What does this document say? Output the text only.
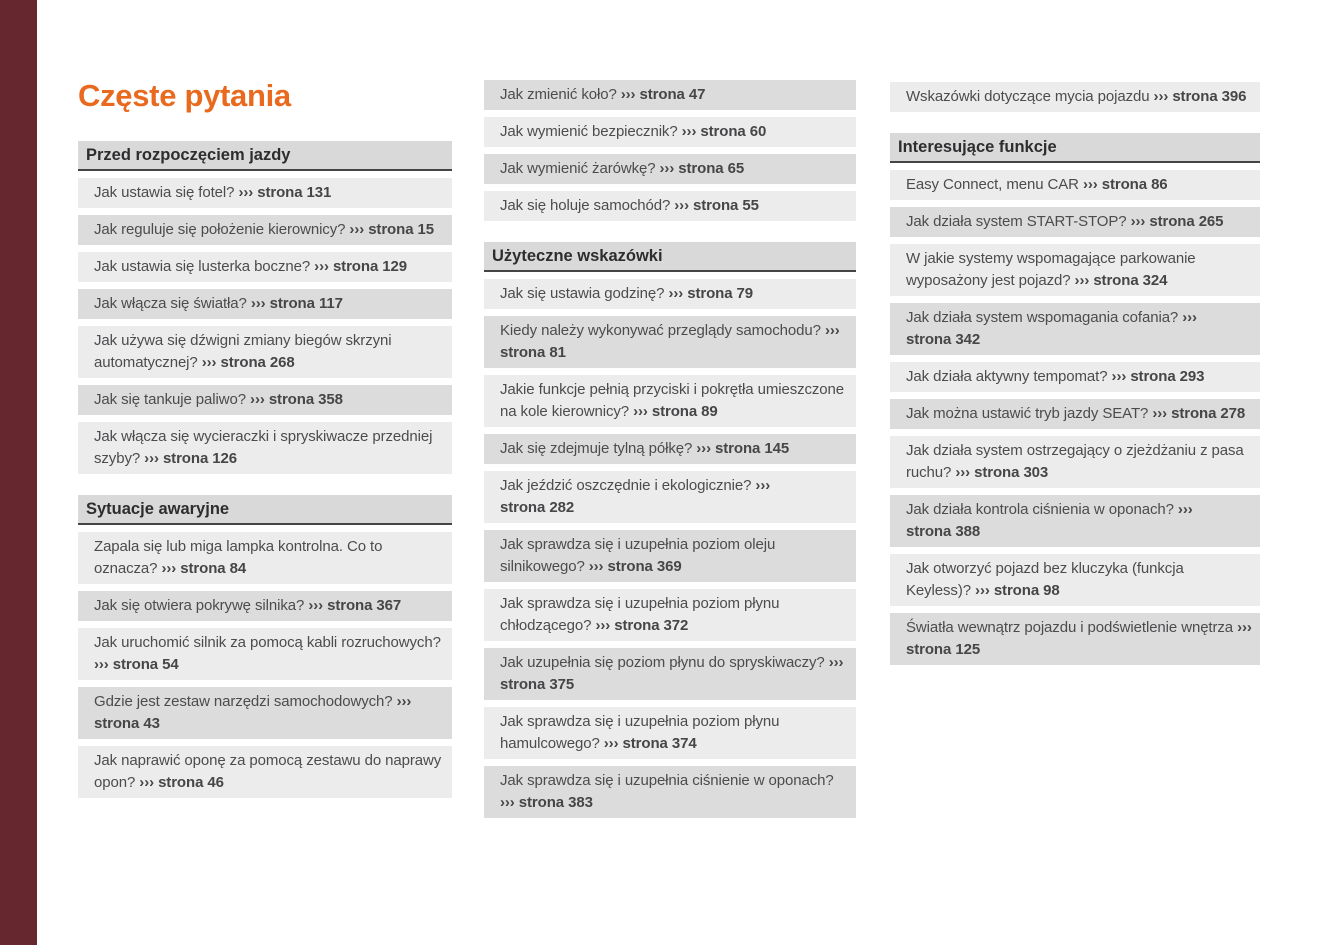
Częste pytania
Przed rozpoczęciem jazdy
Jak ustawia się fotel? ››› strona 131
Jak reguluje się położenie kierownicy? ››› strona 15
Jak ustawia się lusterka boczne? ››› strona 129
Jak włącza się światła? ››› strona 117
Jak używa się dźwigni zmiany biegów skrzyni automatycznej? ››› strona 268
Jak się tankuje paliwo? ››› strona 358
Jak włącza się wycieraczki i spryskiwacze przedniej szyby? ››› strona 126
Sytuacje awaryjne
Zapala się lub miga lampka kontrolna. Co to oznacza? ››› strona 84
Jak się otwiera pokrywę silnika? ››› strona 367
Jak uruchomić silnik za pomocą kabli rozruchowych? ››› strona 54
Gdzie jest zestaw narzędzi samochodowych? ››› strona 43
Jak naprawić oponę za pomocą zestawu do naprawy opon? ››› strona 46
Jak zmienić koło? ››› strona 47
Jak wymienić bezpiecznik? ››› strona 60
Jak wymienić żarówkę? ››› strona 65
Jak się holuje samochód? ››› strona 55
Użyteczne wskazówki
Jak się ustawia godzinę? ››› strona 79
Kiedy należy wykonywać przeglądy samochodu? ››› strona 81
Jakie funkcje pełnią przyciski i pokrętła umieszczone na kole kierownicy? ››› strona 89
Jak się zdejmuje tylną półkę? ››› strona 145
Jak jeździć oszczędnie i ekologicznie? ››› strona 282
Jak sprawdza się i uzupełnia poziom oleju silnikowego? ››› strona 369
Jak sprawdza się i uzupełnia poziom płynu chłodzącego? ››› strona 372
Jak uzupełnia się poziom płynu do spryskiwaczy? ››› strona 375
Jak sprawdza się i uzupełnia poziom płynu hamulcowego? ››› strona 374
Jak sprawdza się i uzupełnia ciśnienie w oponach? ››› strona 383
Wskazówki dotyczące mycia pojazdu ››› strona 396
Interesujące funkcje
Easy Connect, menu CAR ››› strona 86
Jak działa system START-STOP? ››› strona 265
W jakie systemy wspomagające parkowanie wyposażony jest pojazd? ››› strona 324
Jak działa system wspomagania cofania? ››› strona 342
Jak działa aktywny tempomat? ››› strona 293
Jak można ustawić tryb jazdy SEAT? ››› strona 278
Jak działa system ostrzegający o zjeżdżaniu z pasa ruchu? ››› strona 303
Jak działa kontrola ciśnienia w oponach? ››› strona 388
Jak otworzyć pojazd bez kluczyka (funkcja Keyless)? ››› strona 98
Światła wewnątrz pojazdu i podświetlenie wnętrza ››› strona 125
